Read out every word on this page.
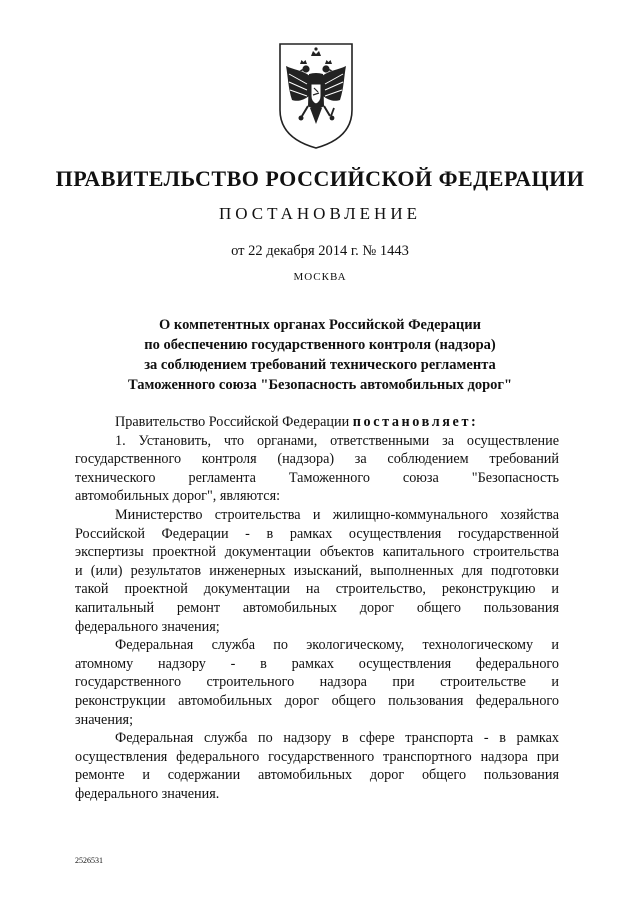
ПРАВИТЕЛЬСТВО РОССИЙСКОЙ ФЕДЕРАЦИИ
ПОСТАНОВЛЕНИЕ
от 22 декабря 2014 г. № 1443
МОСКВА
О компетентных органах Российской Федерации
по обеспечению государственного контроля (надзора)
за соблюдением требований технического регламента
Таможенного союза "Безопасность автомобильных дорог"
Правительство Российской Федерации постановляет:
1. Установить, что органами, ответственными за осуществление
государственного контроля (надзора) за соблюдением требований
технического регламента Таможенного союза "Безопасность
автомобильных дорог", являются:
Министерство строительства и жилищно-коммунального хозяйства
Российской Федерации - в рамках осуществления государственной
экспертизы проектной документации объектов капитального строительства
и (или) результатов инженерных изысканий, выполненных для подготовки
такой проектной документации на строительство, реконструкцию и
капитальный ремонт автомобильных дорог общего пользования
федерального значения;
Федеральная служба по экологическому, технологическому и
атомному надзору - в рамках осуществления федерального
государственного строительного надзора при строительстве и
реконструкции автомобильных дорог общего пользования федерального
значения;
Федеральная служба по надзору в сфере транспорта - в рамках
осуществления федерального государственного транспортного надзора при
ремонте и содержании автомобильных дорог общего пользования
федерального значения.
2526531
